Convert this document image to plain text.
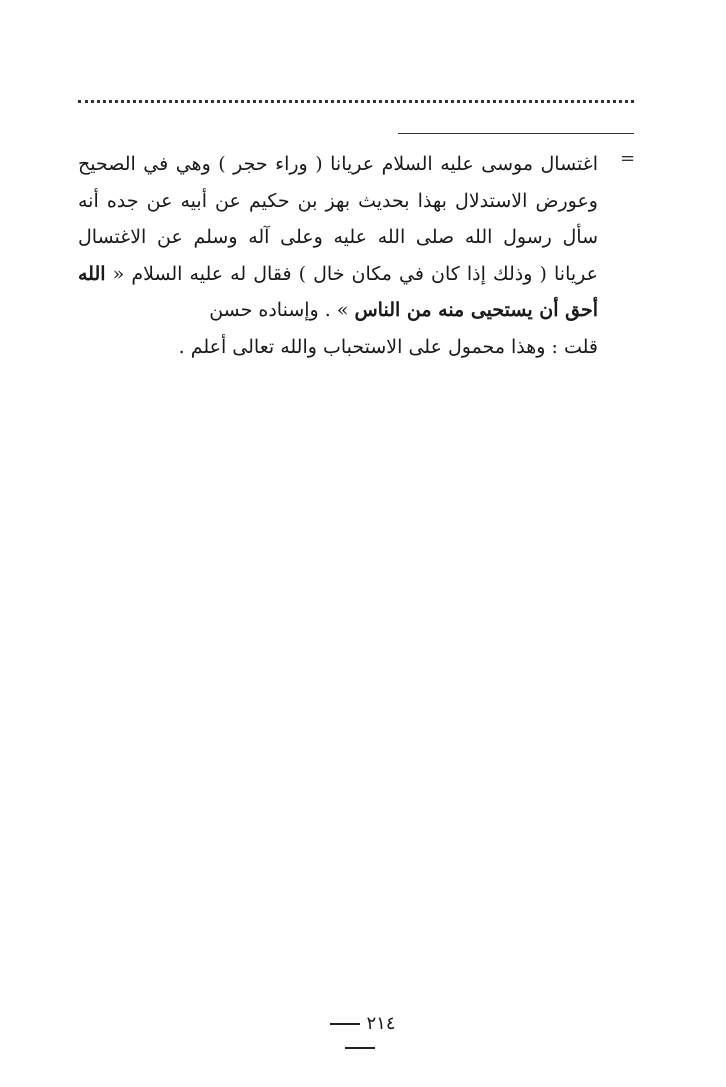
=
اغتسال موسى عليه السلام عريانا ( وراء حجر ) وهي في الصحيح وعورض الاستدلال بهذا بحديث بهز بن حكيم عن أبيه عن جده أنه سأل رسول الله صلى الله عليه وعلى آله وسلم عن الاغتسال عريانا ( وذلك إذا كان في مكان خال ) فقال له عليه السلام « الله أحق أن يستحيى منه من الناس » . وإسناده حسن
قلت : وهذا محمول على الاستحباب والله تعالى أعلم .
٢١٤
